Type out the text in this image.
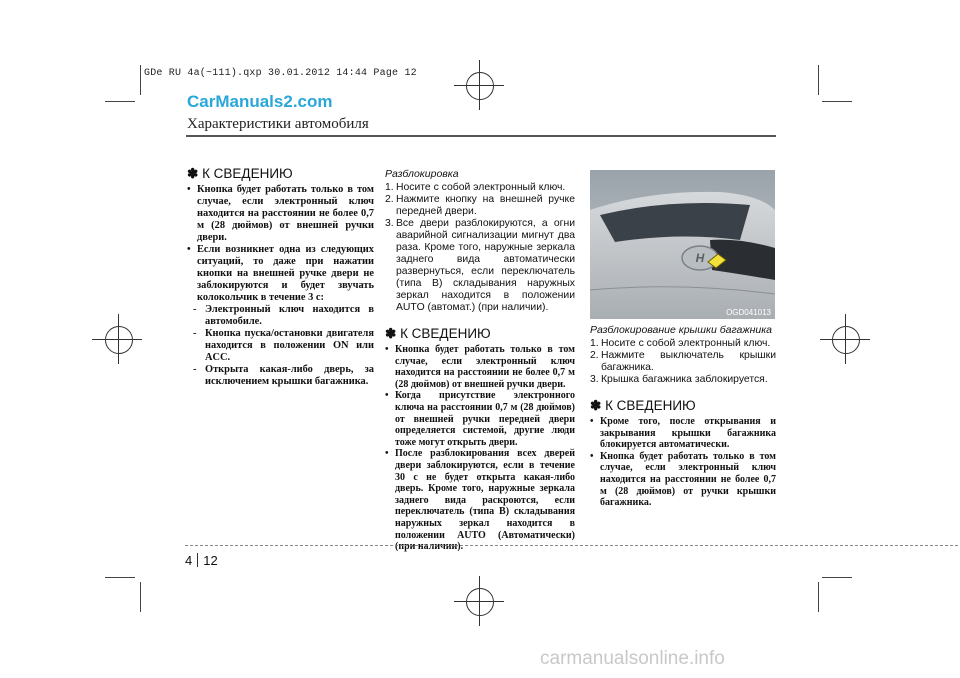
GDe RU 4a(~111).qxp 30.01.2012 14:44 Page 12
CarManuals2.com
Характеристики автомобиля
✽ К СВЕДЕНИЮ

• Кнопка будет работать только в том случае, если электронный ключ находится на расстоянии не более 0,7 м (28 дюймов) от внешней ручки двери.

• Если возникнет одна из следующих ситуаций, то даже при нажатии кнопки на внешней ручке двери не заблокируются и будет звучать колокольчик в течение 3 с:

- Электронный ключ находится в автомобиле.

- Кнопка пуска/остановки двигателя находится в положении ON или ACC.

- Открыта какая-либо дверь, за исключением крышки багажника.

Разблокировка

1. Носите с собой электронный ключ.

2. Нажмите кнопку на внешней ручке передней двери.

3. Все двери разблокируются, а огни аварийной сигнализации мигнут два раза. Кроме того, наружные зеркала заднего вида автоматически развернуться, если переключатель (типа B) складывания наружных зеркал находится в положении AUTO (автомат.) (при наличии).

✽ К СВЕДЕНИЮ

• Кнопка будет работать только в том случае, если электронный ключ находится на расстоянии не более 0,7 м (28 дюймов) от внешней ручки двери.

• Когда присутствие электронного ключа на расстоянии 0,7 м (28 дюймов) от внешней ручки передней двери определяется системой, другие люди тоже могут открыть двери.

• После разблокирования всех дверей двери заблокируются, если в течение 30 с не будет открыта какая-либо дверь. Кроме того, наружные зеркала заднего вида раскроются, если переключатель (типа B) складывания наружных зеркал находится в положении AUTO (Автоматически) (при наличии).

H
OGD041013
Разблокирование крышки багажника

1. Носите с собой электронный ключ.

2. Нажмите выключатель крышки багажника.

3. Крышка багажника заблокируется.

✽ К СВЕДЕНИЮ

• Кроме того, после открывания и закрывания крышки багажника блокируется автоматически.

• Кнопка будет работать только в том случае, если электронный ключ находится на расстоянии не более 0,7 м (28 дюймов) от ручки крышки багажника.

4 12
carmanualsonline.info
